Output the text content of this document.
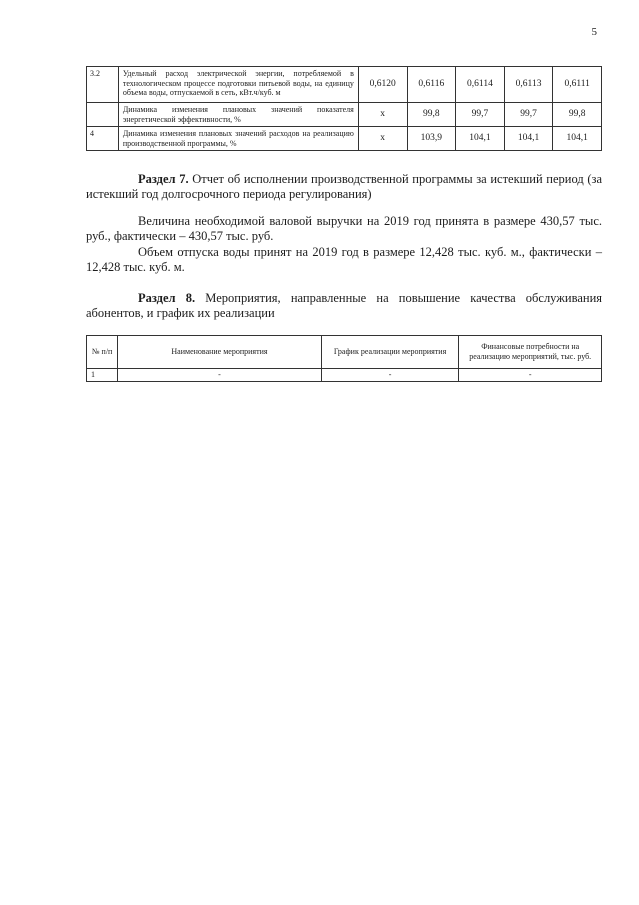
5
3.2	Удельный расход электрической энергии, потребляемой в технологическом процессе подготовки питьевой воды, на единицу объема воды, отпускаемой в сеть, кВт.ч/куб. м	0,6120	0,6116	0,6114	0,6113	0,6111
	Динамика изменения плановых значений показателя энергетической эффективности, %	х	99,8	99,7	99,7	99,8
4	Динамика изменения плановых значений расходов на реализацию производственной программы, %	х	103,9	104,1	104,1	104,1
Раздел 7. Отчет об исполнении производственной программы за истекший период (за истекший год долгосрочного периода регулирования)
Величина необходимой валовой выручки на 2019 год принята в размере 430,57 тыс. руб., фактически – 430,57 тыс. руб.
Объем отпуска воды принят на 2019 год в размере 12,428 тыс. куб. м., фактически – 12,428 тыс. куб. м.
Раздел 8. Мероприятия, направленные на повышение качества обслуживания абонентов, и график их реализации
№ п/п	Наименование мероприятия	График реализации мероприятия	Финансовые потребности на реализацию мероприятий, тыс. руб.
1	-	-	-
